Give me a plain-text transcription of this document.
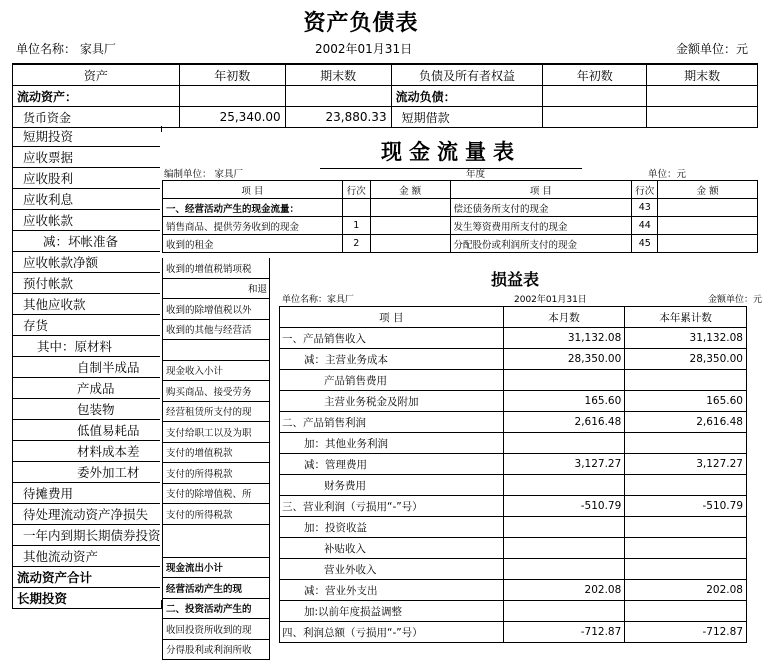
资产负债表
单位名称： 家具厂	2002年01月31日	金额单位：元
资产	年初数	期末数	负债及所有者权益	年初数	期末数
流动资产：			流动负债：		
货币资金	25,340.00	23,880.33	短期借款		
短期投资
应收票据
应收股利
应收利息
应收帐款
减：坏帐准备
应收帐款净额
预付帐款
其他应收款
存货
其中：原材料
自制半成品
产成品
包装物
低值易耗品
材料成本差
委外加工材
待摊费用
待处理流动资产净损失
一年内到期长期债券投资
其他流动资产
流动资产合计
长期投资
现金流量表
编制单位： 家具厂	年度	单位：元
项 目	行次	金 额	项 目	行次	金 额
一、经营活动产生的现金流量：			偿还债务所支付的现金	43	
销售商品、提供劳务收到的现金	1		发生筹资费用所支付的现金	44	
收到的租金	2		分配股份或利润所支付的现金	45	
收到的增值税销项税
和退
收到的除增值税以外
收到的其他与经营活

现金收入小计
购买商品、接受劳务
经营租赁所支付的现
支付给职工以及为职
支付的增值税款
支付的所得税款
支付的除增值税、所
支付的所得税款

现金流出小计
经营活动产生的现
二、投资活动产生的
收回投资所收到的现
分得股利或利润所收
损益表
单位名称：家具厂	2002年01月31日	金额单位：元
项 目	本月数	本年累计数
一、产品销售收入	31,132.08	31,132.08
减：主营业务成本	28,350.00	28,350.00
产品销售费用		
主营业务税金及附加	165.60	165.60
二、产品销售利润	2,616.48	2,616.48
加：其他业务利润		
减：管理费用	3,127.27	3,127.27
财务费用		
三、营业利润（亏损用“-”号）	-510.79	-510.79
加：投资收益		
补贴收入		
营业外收入		
减：营业外支出	202.08	202.08
加:以前年度损益调整		
四、利润总额（亏损用“-”号）	-712.87	-712.87
